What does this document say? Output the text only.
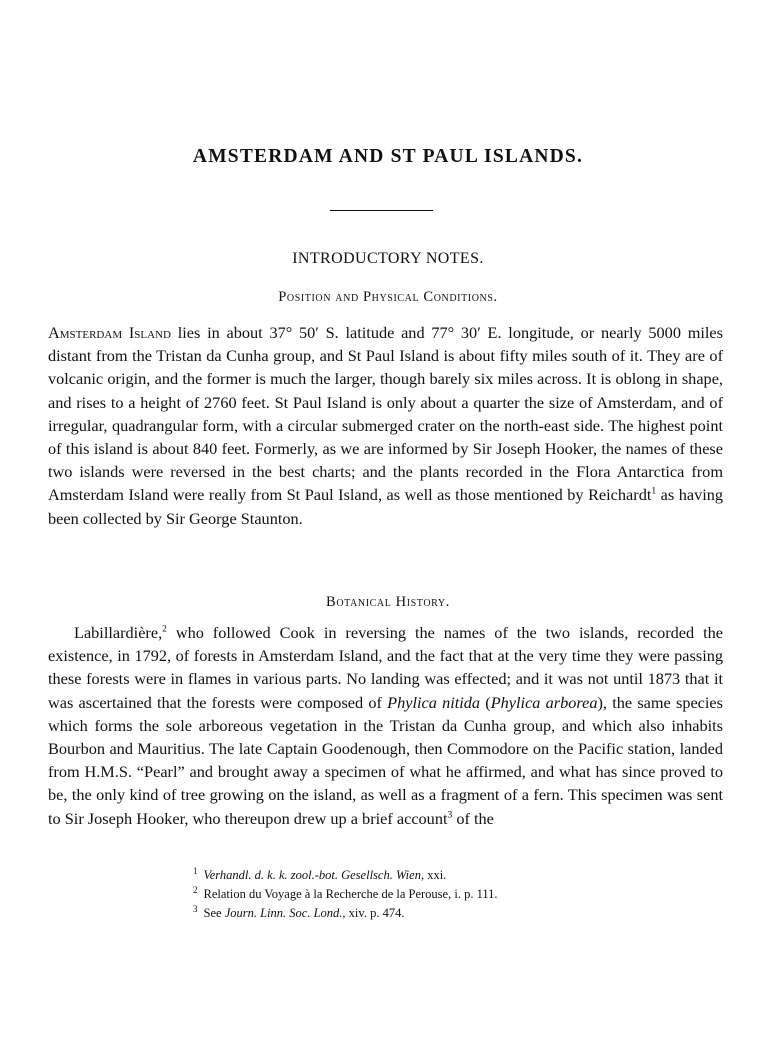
AMSTERDAM AND ST PAUL ISLANDS.
INTRODUCTORY NOTES.
Position and Physical Conditions.

Amsterdam Island lies in about 37° 50′ S. latitude and 77° 30′ E. longitude, or nearly 5000 miles distant from the Tristan da Cunha group, and St Paul Island is about fifty miles south of it. They are of volcanic origin, and the former is much the larger, though barely six miles across. It is oblong in shape, and rises to a height of 2760 feet. St Paul Island is only about a quarter the size of Amsterdam, and of irregular, quadrangular form, with a circular submerged crater on the north-east side. The highest point of this island is about 840 feet. Formerly, as we are informed by Sir Joseph Hooker, the names of these two islands were reversed in the best charts; and the plants recorded in the Flora Antarctica from Amsterdam Island were really from St Paul Island, as well as those mentioned by Reichardt$^1$ as having been collected by Sir George Staunton.

Botanical History.

Labillardière,$^2$ who followed Cook in reversing the names of the two islands, recorded the existence, in 1792, of forests in Amsterdam Island, and the fact that at the very time they were passing these forests were in flames in various parts. No landing was effected; and it was not until 1873 that it was ascertained that the forests were composed of Phylica nitida (Phylica arborea), the same species which forms the sole arboreous vegetation in the Tristan da Cunha group, and which also inhabits Bourbon and Mauritius. The late Captain Goodenough, then Commodore on the Pacific station, landed from H.M.S. “Pearl” and brought away a specimen of what he affirmed, and what has since proved to be, the only kind of tree growing on the island, as well as a fragment of a fern. This specimen was sent to Sir Joseph Hooker, who thereupon drew up a brief account$^3$ of the

$^1$ Verhandl. d. k. k. zool.-bot. Gesellsch. Wien, xxi.
$^2$ Relation du Voyage à la Recherche de la Perouse, i. p. 111.
$^3$ See Journ. Linn. Soc. Lond., xiv. p. 474.
